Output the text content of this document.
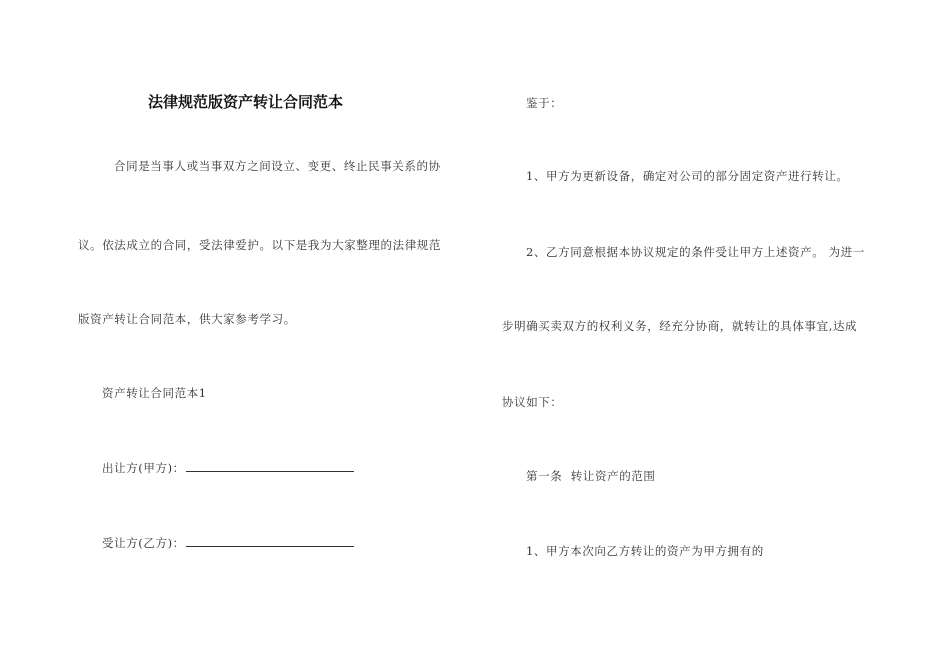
法律规范版资产转让合同范本
合同是当事人或当事双方之间设立、变更、终止民事关系的协
议。依法成立的合同，受法律爱护。以下是我为大家整理的法律规范
版资产转让合同范本，供大家参考学习。
资产转让合同范本1
出让方(甲方)：
受让方(乙方)：
鉴于：
1、甲方为更新设备，确定对公司的部分固定资产进行转让。
2、乙方同意根据本协议规定的条件受让甲方上述资产。 为进一
步明确买卖双方的权利义务，经充分协商，就转让的具体事宜,达成
协议如下：
第一条  转让资产的范围
1、甲方本次向乙方转让的资产为甲方拥有的
